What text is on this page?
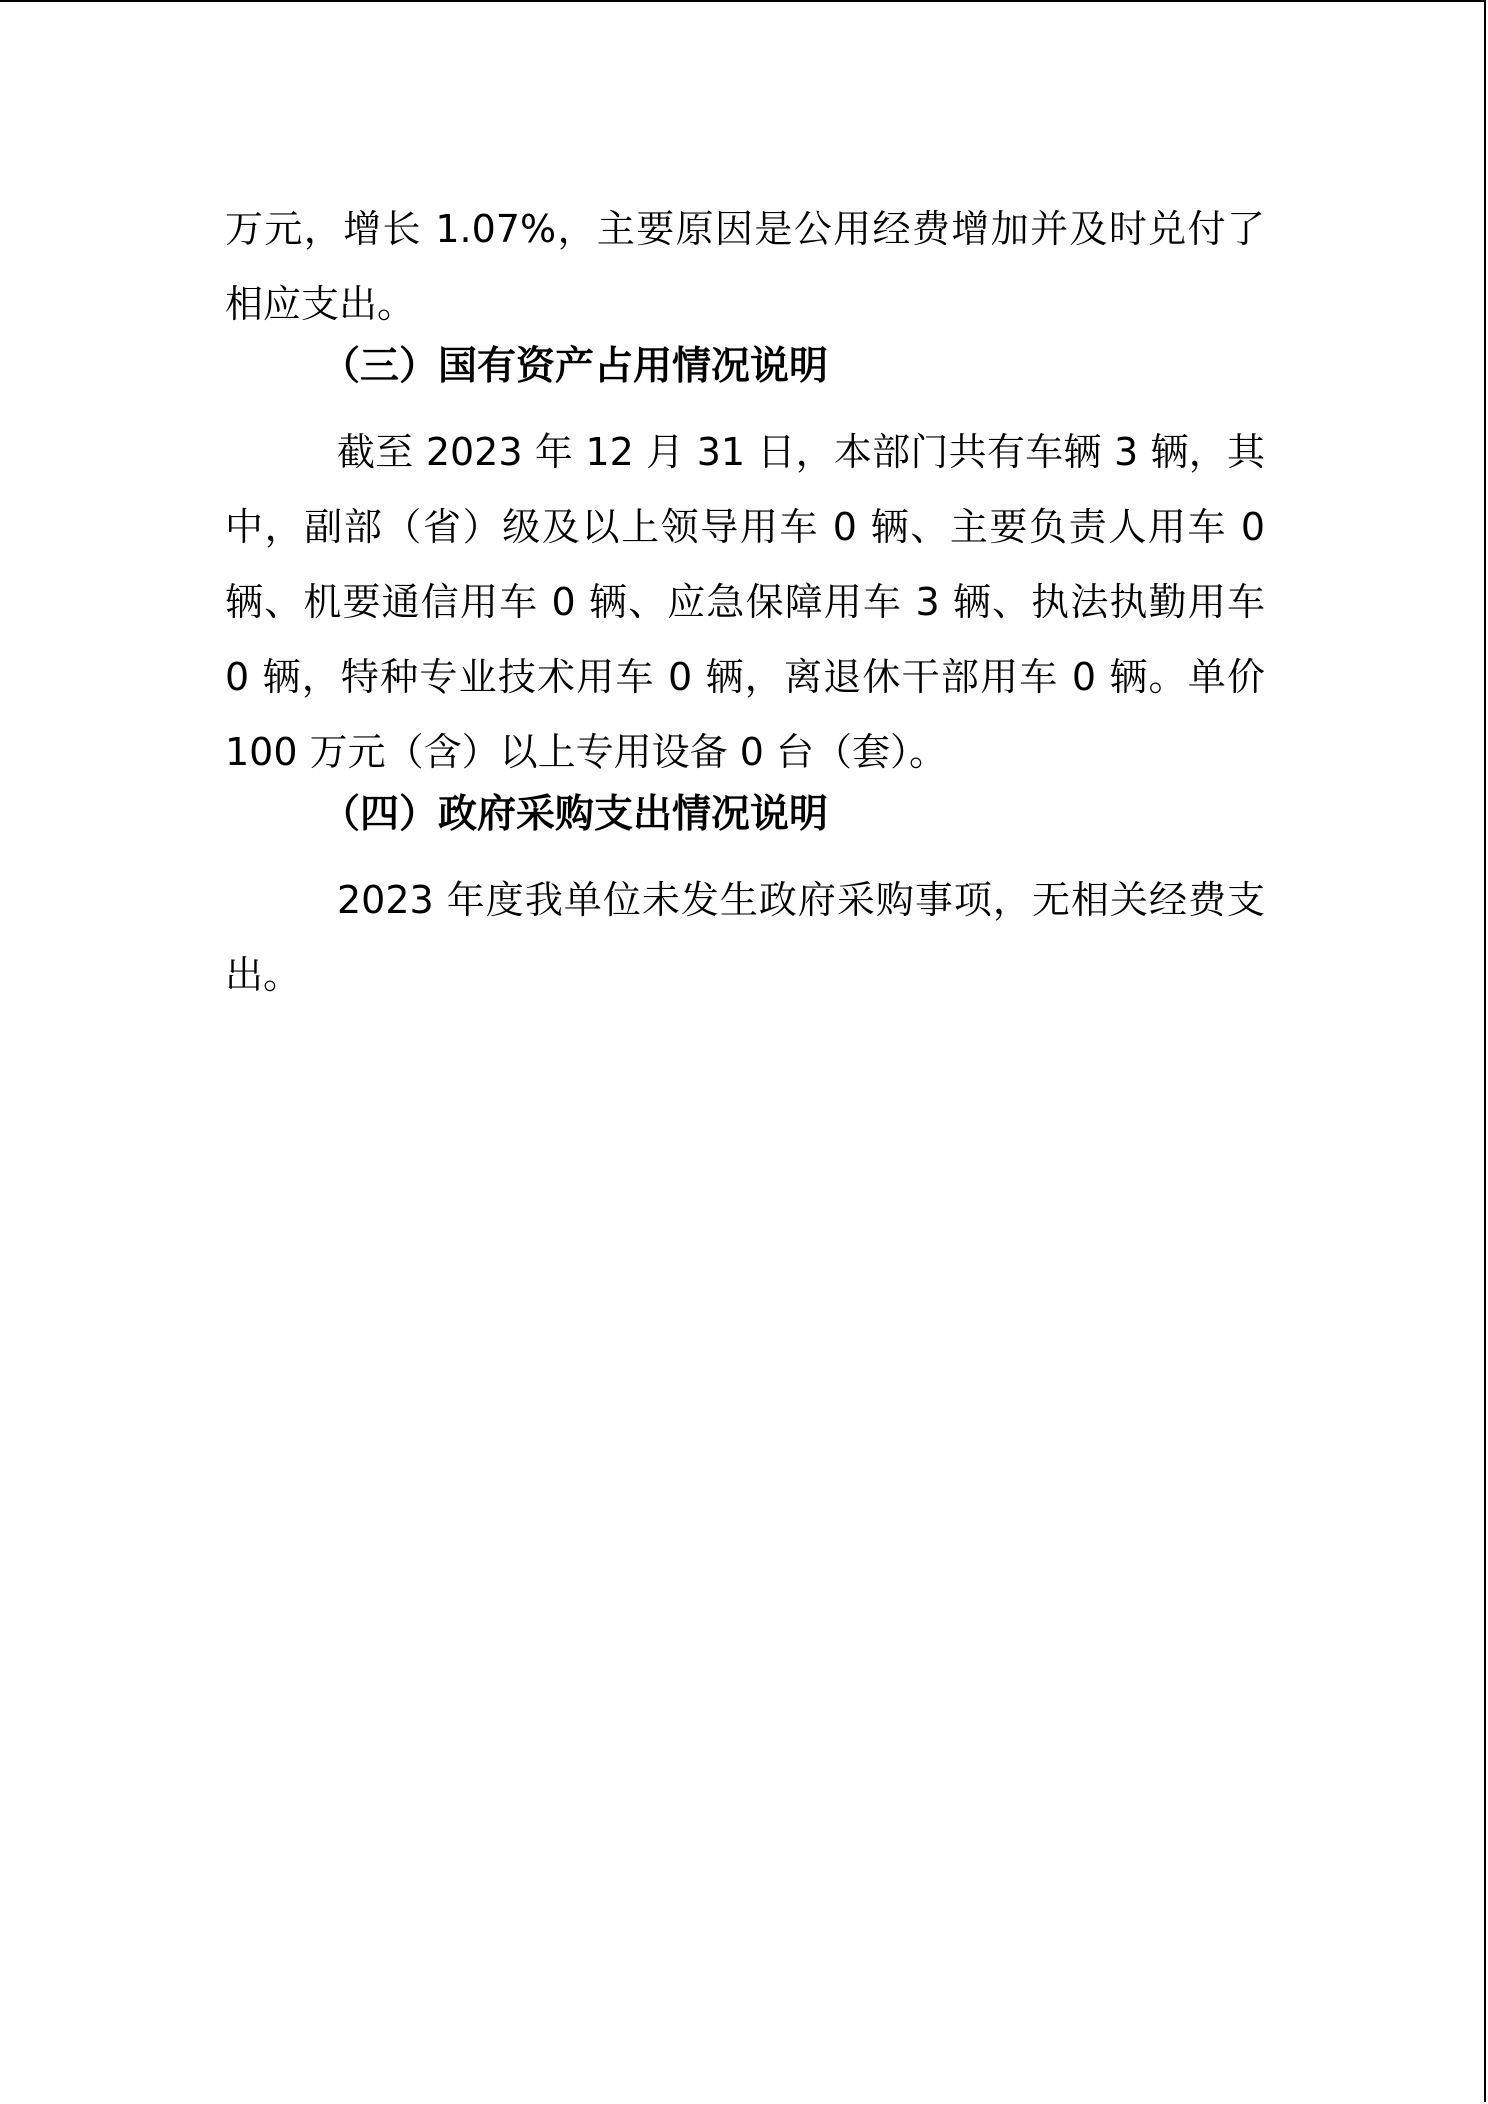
万元，增长 1.07%，主要原因是公用经费增加并及时兑付了相应支出。

（三）国有资产占用情况说明

截至 2023 年 12 月 31 日，本部门共有车辆 3 辆，其中，副部（省）级及以上领导用车 0 辆、主要负责人用车 0 辆、机要通信用车 0 辆、应急保障用车 3 辆、执法执勤用车 0 辆，特种专业技术用车 0 辆，离退休干部用车 0 辆。单价 100 万元（含）以上专用设备 0 台（套）。

（四）政府采购支出情况说明

2023 年度我单位未发生政府采购事项，无相关经费支出。
